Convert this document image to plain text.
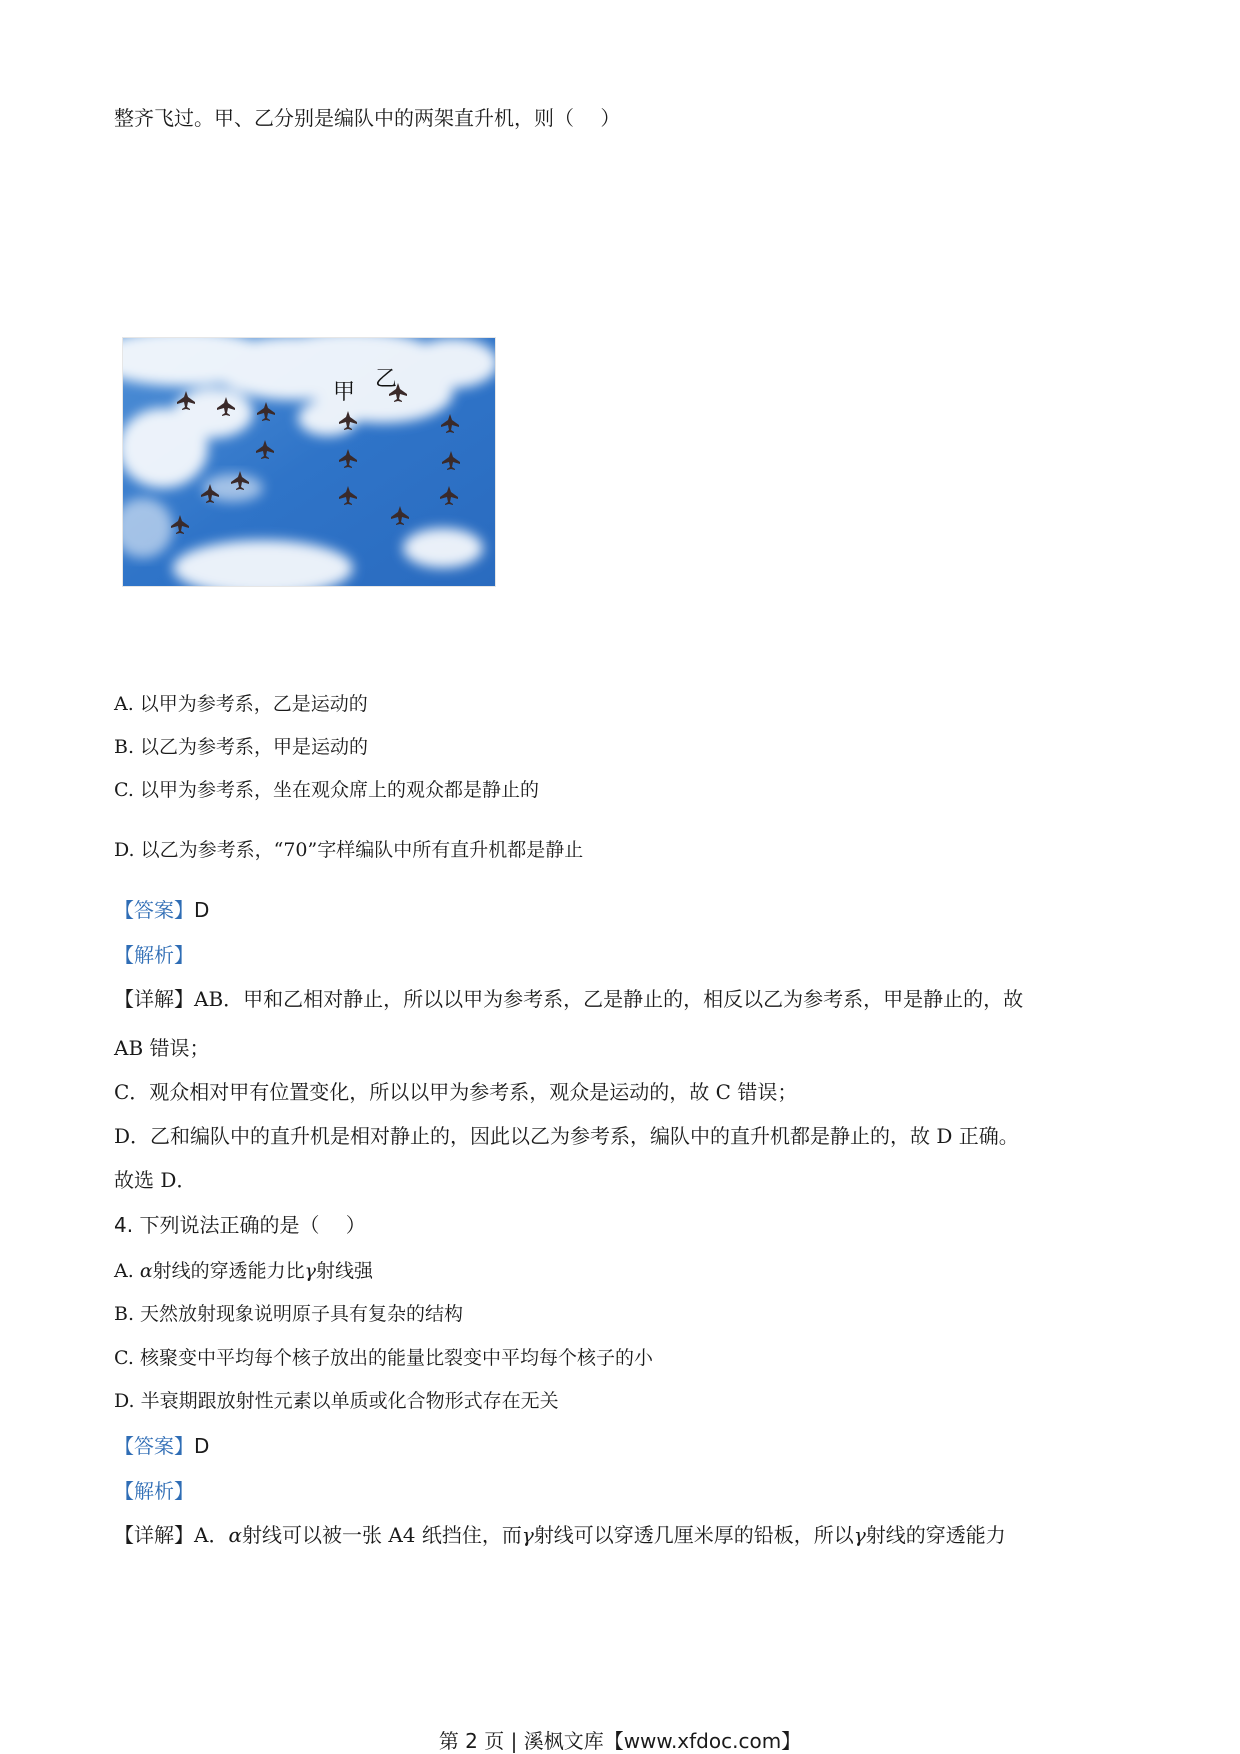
整齐飞过。甲、乙分别是编队中的两架直升机，则（　 ）
甲
乙
A. 以甲为参考系，乙是运动的
B. 以乙为参考系，甲是运动的
C. 以甲为参考系，坐在观众席上的观众都是静止的
D. 以乙为参考系，“70”字样编队中所有直升机都是静止
【答案】D
【解析】
【详解】AB．甲和乙相对静止，所以以甲为参考系，乙是静止的，相反以乙为参考系，甲是静止的，故
AB 错误；
C．观众相对甲有位置变化，所以以甲为参考系，观众是运动的，故 C 错误；
D．乙和编队中的直升机是相对静止的，因此以乙为参考系，编队中的直升机都是静止的，故 D 正确。
故选 D．
4. 下列说法正确的是（　 ）
A. α射线的穿透能力比γ射线强
B. 天然放射现象说明原子具有复杂的结构
C. 核聚变中平均每个核子放出的能量比裂变中平均每个核子的小
D. 半衰期跟放射性元素以单质或化合物形式存在无关
【答案】D
【解析】
【详解】A．α射线可以被一张 A4 纸挡住，而γ射线可以穿透几厘米厚的铅板，所以γ射线的穿透能力
第 2 页 | 溪枫文库【www.xfdoc.com】
